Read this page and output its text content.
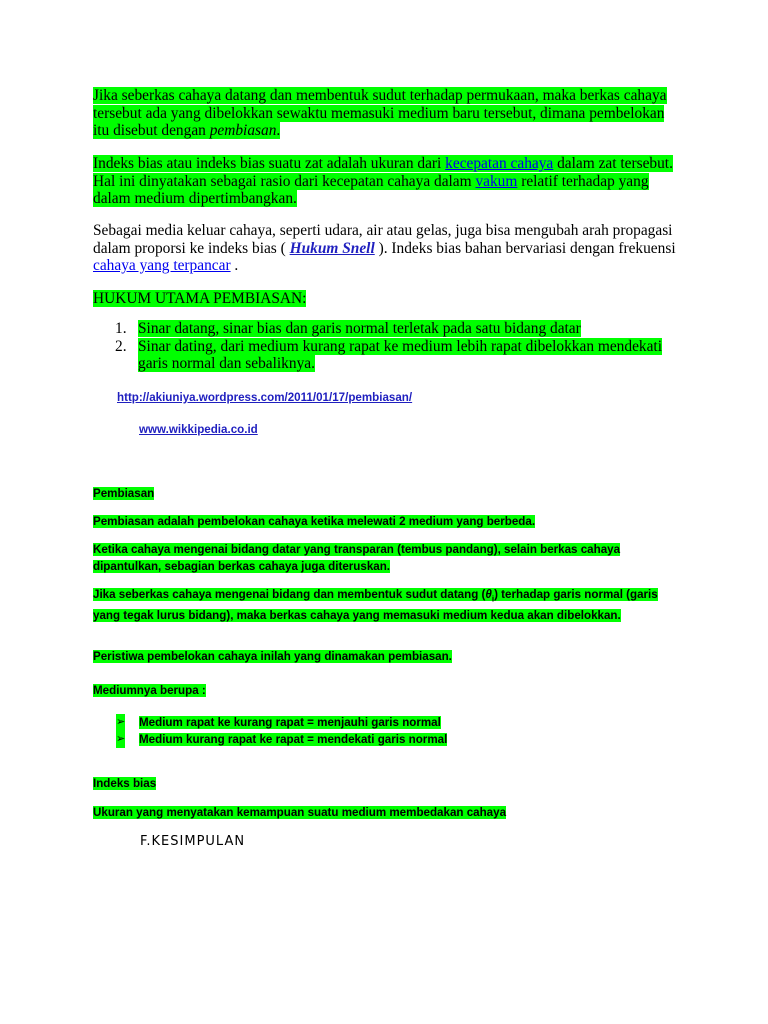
Jika seberkas cahaya datang dan membentuk sudut terhadap permukaan, maka berkas cahaya tersebut ada yang dibelokkan sewaktu memasuki medium baru tersebut, dimana pembelokan itu disebut dengan pembiasan.

Indeks bias atau indeks bias suatu zat adalah ukuran dari kecepatan cahaya dalam zat tersebut. Hal ini dinyatakan sebagai rasio dari kecepatan cahaya dalam vakum relatif terhadap yang dalam medium dipertimbangkan.

Sebagai media keluar cahaya, seperti udara, air atau gelas, juga bisa mengubah arah propagasi dalam proporsi ke indeks bias ( Hukum Snell ). Indeks bias bahan bervariasi dengan frekuensi cahaya yang terpancar .

HUKUM UTAMA PEMBIASAN:

1. Sinar datang, sinar bias dan garis normal terletak pada satu bidang datar
2. Sinar dating, dari medium kurang rapat ke medium lebih rapat dibelokkan mendekati garis normal dan sebaliknya.
http://akiuniya.wordpress.com/2011/01/17/pembiasan/
www.wikkipedia.co.id

Pembiasan

Pembiasan adalah pembelokan cahaya ketika melewati 2 medium yang berbeda.

Ketika cahaya mengenai bidang datar yang transparan (tembus pandang), selain berkas cahaya dipantulkan, sebagian berkas cahaya juga diteruskan.

Jika seberkas cahaya mengenai bidang dan membentuk sudut datang $(\theta_i)$ terhadap garis normal (garis yang tegak lurus bidang), maka berkas cahaya yang memasuki medium kedua akan dibelokkan.

Peristiwa pembelokan cahaya inilah yang dinamakan pembiasan.

Mediumnya berupa :

➢ Medium rapat ke kurang rapat = menjauhi garis normal
➢ Medium kurang rapat ke rapat = mendekati garis normal

Indeks bias

Ukuran yang menyatakan kemampuan suatu medium membedakan cahaya

F.KESIMPULAN
